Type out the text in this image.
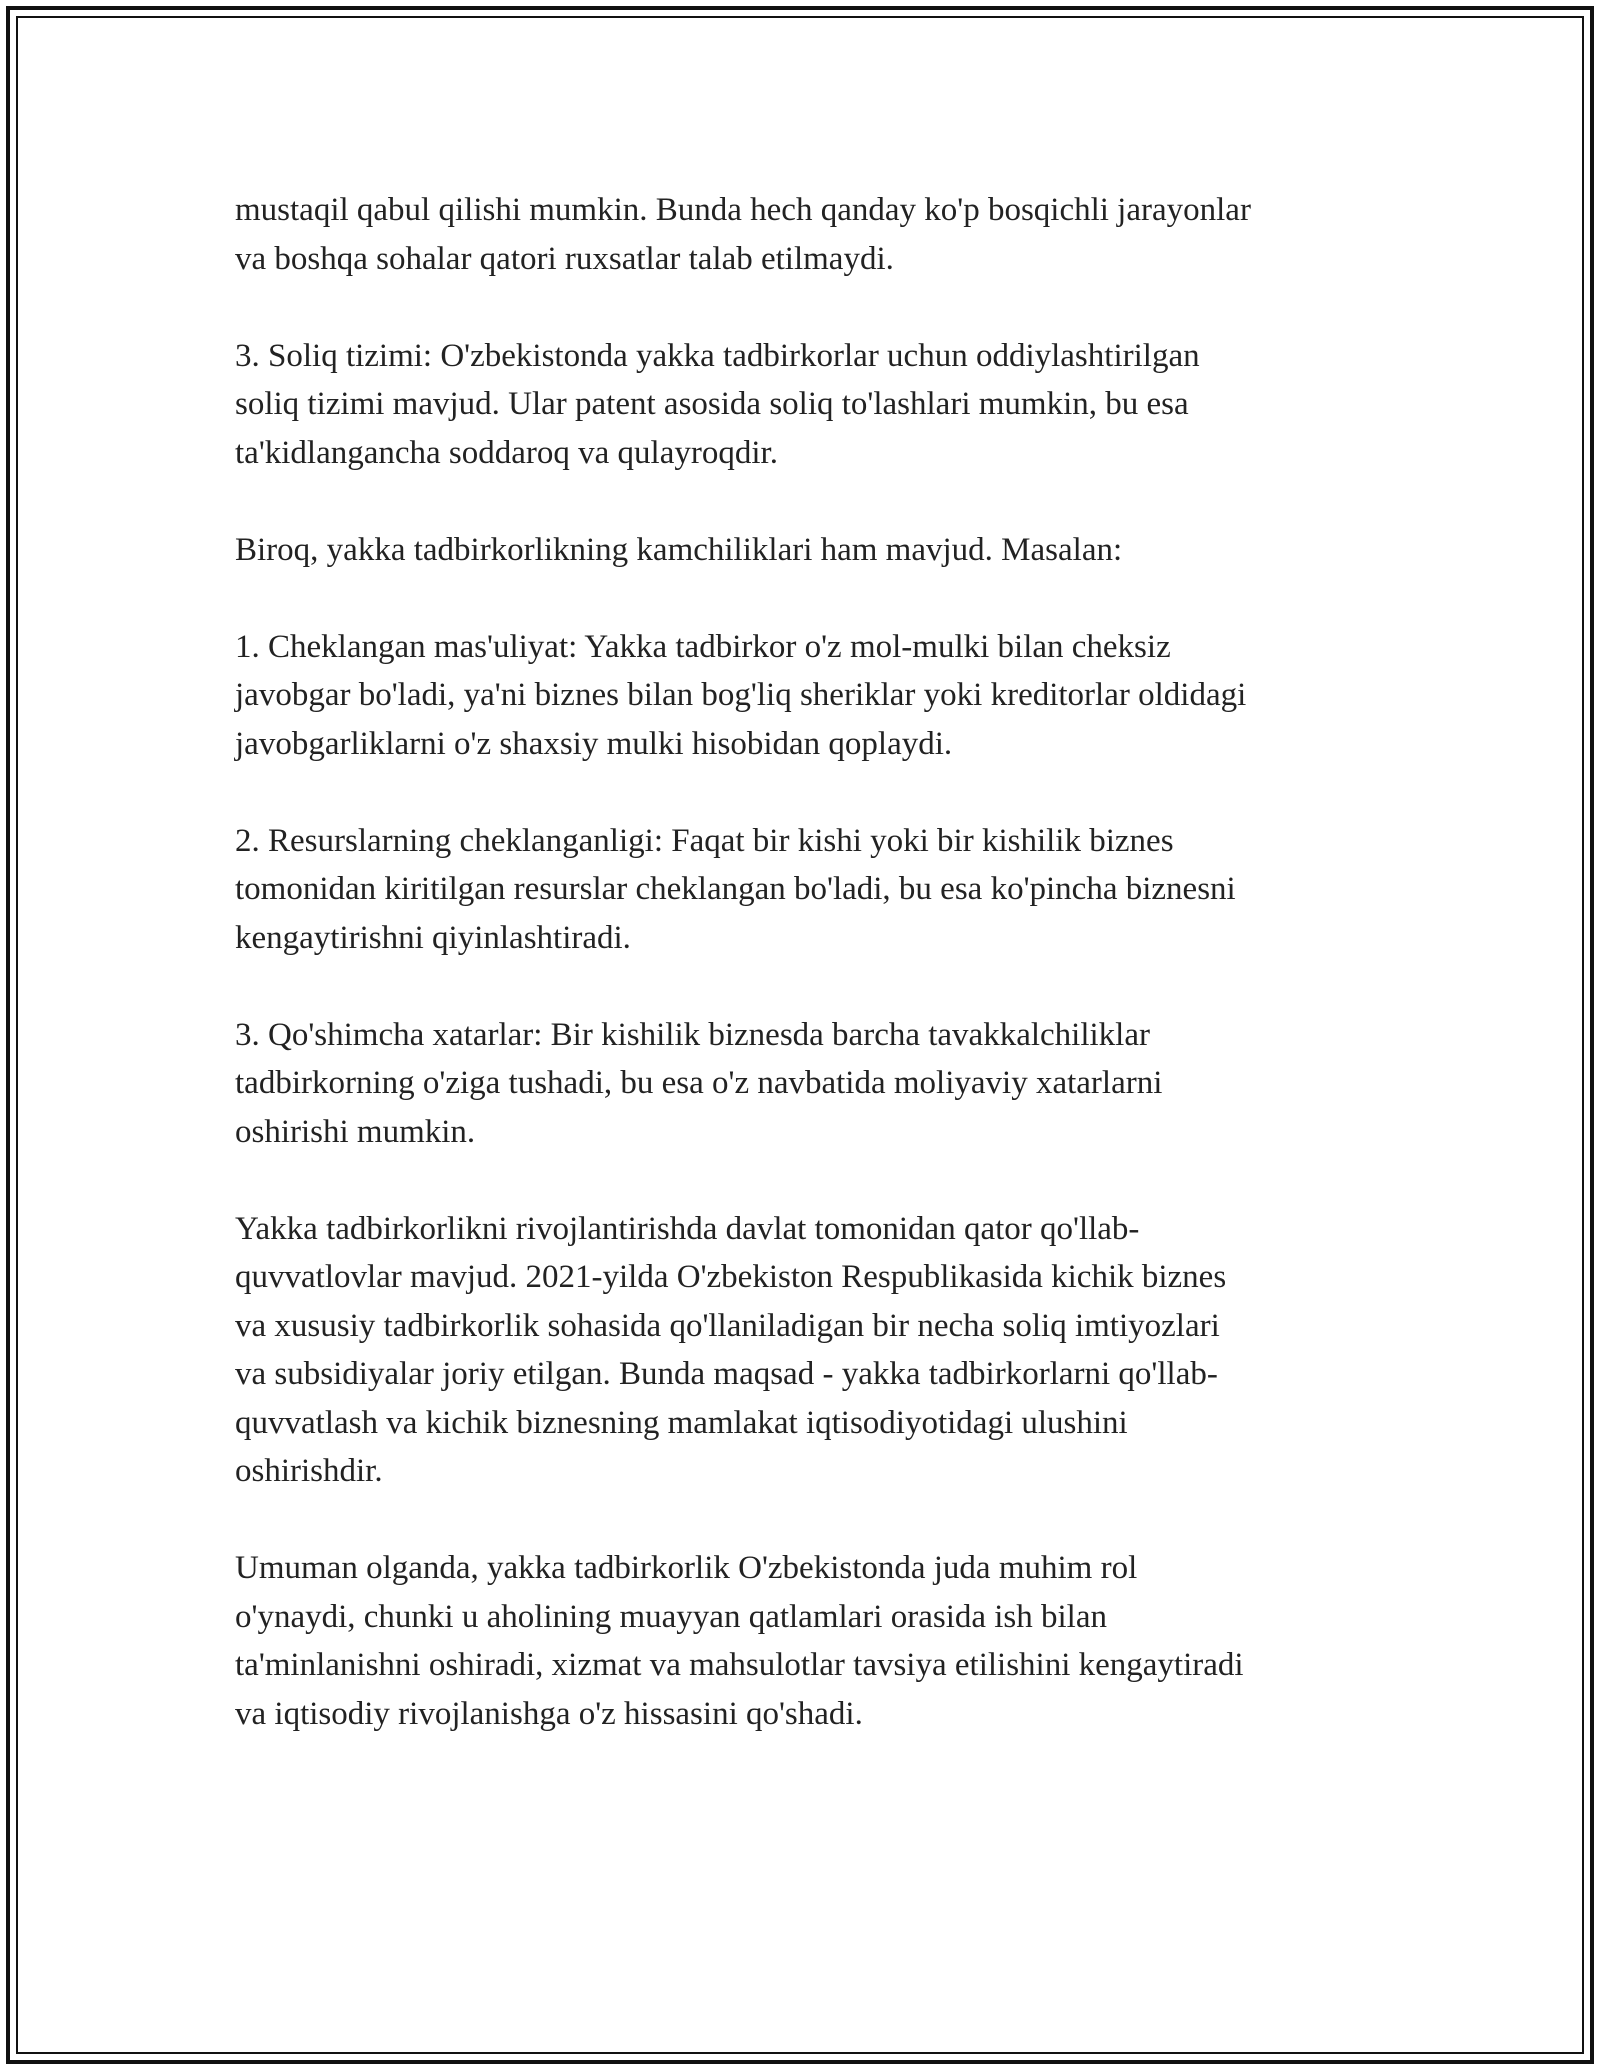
mustaqil qabul qilishi mumkin. Bunda hech qanday ko'p bosqichli jarayonlar
va boshqa sohalar qatori ruxsatlar talab etilmaydi.

3. Soliq tizimi: O'zbekistonda yakka tadbirkorlar uchun oddiylashtirilgan
soliq tizimi mavjud. Ular patent asosida soliq to'lashlari mumkin, bu esa
ta'kidlangancha soddaroq va qulayroqdir.

Biroq, yakka tadbirkorlikning kamchiliklari ham mavjud. Masalan:

1. Cheklangan mas'uliyat: Yakka tadbirkor o'z mol-mulki bilan cheksiz
javobgar bo'ladi, ya'ni biznes bilan bog'liq sheriklar yoki kreditorlar oldidagi
javobgarliklarni o'z shaxsiy mulki hisobidan qoplaydi.

2. Resurslarning cheklanganligi: Faqat bir kishi yoki bir kishilik biznes
tomonidan kiritilgan resurslar cheklangan bo'ladi, bu esa ko'pincha biznesni
kengaytirishni qiyinlashtiradi.

3. Qo'shimcha xatarlar: Bir kishilik biznesda barcha tavakkalchiliklar
tadbirkorning o'ziga tushadi, bu esa o'z navbatida moliyaviy xatarlarni
oshirishi mumkin.

Yakka tadbirkorlikni rivojlantirishda davlat tomonidan qator qo'llab-
quvvatlovlar mavjud. 2021-yilda O'zbekiston Respublikasida kichik biznes
va xususiy tadbirkorlik sohasida qo'llaniladigan bir necha soliq imtiyozlari
va subsidiyalar joriy etilgan. Bunda maqsad - yakka tadbirkorlarni qo'llab-
quvvatlash va kichik biznesning mamlakat iqtisodiyotidagi ulushini
oshirishdir.

Umuman olganda, yakka tadbirkorlik O'zbekistonda juda muhim rol
o'ynaydi, chunki u aholining muayyan qatlamlari orasida ish bilan
ta'minlanishni oshiradi, xizmat va mahsulotlar tavsiya etilishini kengaytiradi
va iqtisodiy rivojlanishga o'z hissasini qo'shadi.
